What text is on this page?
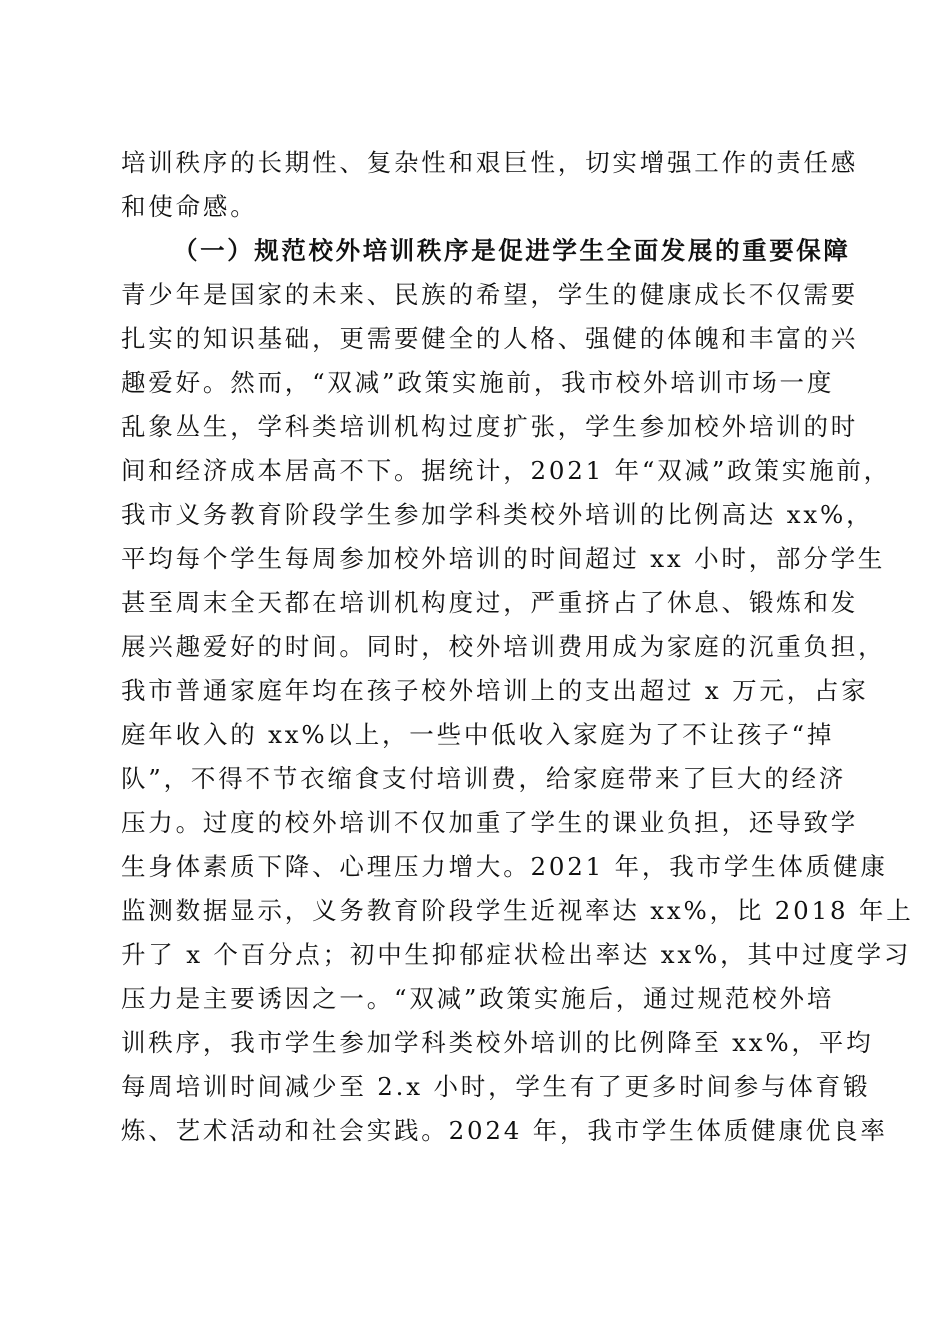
培训秩序的长期性、复杂性和艰巨性，切实增强工作的责任感
和使命感。
（一）规范校外培训秩序是促进学生全面发展的重要保障
青少年是国家的未来、民族的希望，学生的健康成长不仅需要
扎实的知识基础，更需要健全的人格、强健的体魄和丰富的兴
趣爱好。然而，“双减”政策实施前，我市校外培训市场一度
乱象丛生，学科类培训机构过度扩张，学生参加校外培训的时
间和经济成本居高不下。据统计，2021 年“双减”政策实施前，
我市义务教育阶段学生参加学科类校外培训的比例高达 xx%，
平均每个学生每周参加校外培训的时间超过 xx 小时，部分学生
甚至周末全天都在培训机构度过，严重挤占了休息、锻炼和发
展兴趣爱好的时间。同时，校外培训费用成为家庭的沉重负担，
我市普通家庭年均在孩子校外培训上的支出超过 x 万元，占家
庭年收入的 xx%以上，一些中低收入家庭为了不让孩子“掉
队”，不得不节衣缩食支付培训费，给家庭带来了巨大的经济
压力。过度的校外培训不仅加重了学生的课业负担，还导致学
生身体素质下降、心理压力增大。2021 年，我市学生体质健康
监测数据显示，义务教育阶段学生近视率达 xx%，比 2018 年上
升了 x 个百分点；初中生抑郁症状检出率达 xx%，其中过度学习
压力是主要诱因之一。“双减”政策实施后，通过规范校外培
训秩序，我市学生参加学科类校外培训的比例降至 xx%，平均
每周培训时间减少至 2.x 小时，学生有了更多时间参与体育锻
炼、艺术活动和社会实践。2024 年，我市学生体质健康优良率
